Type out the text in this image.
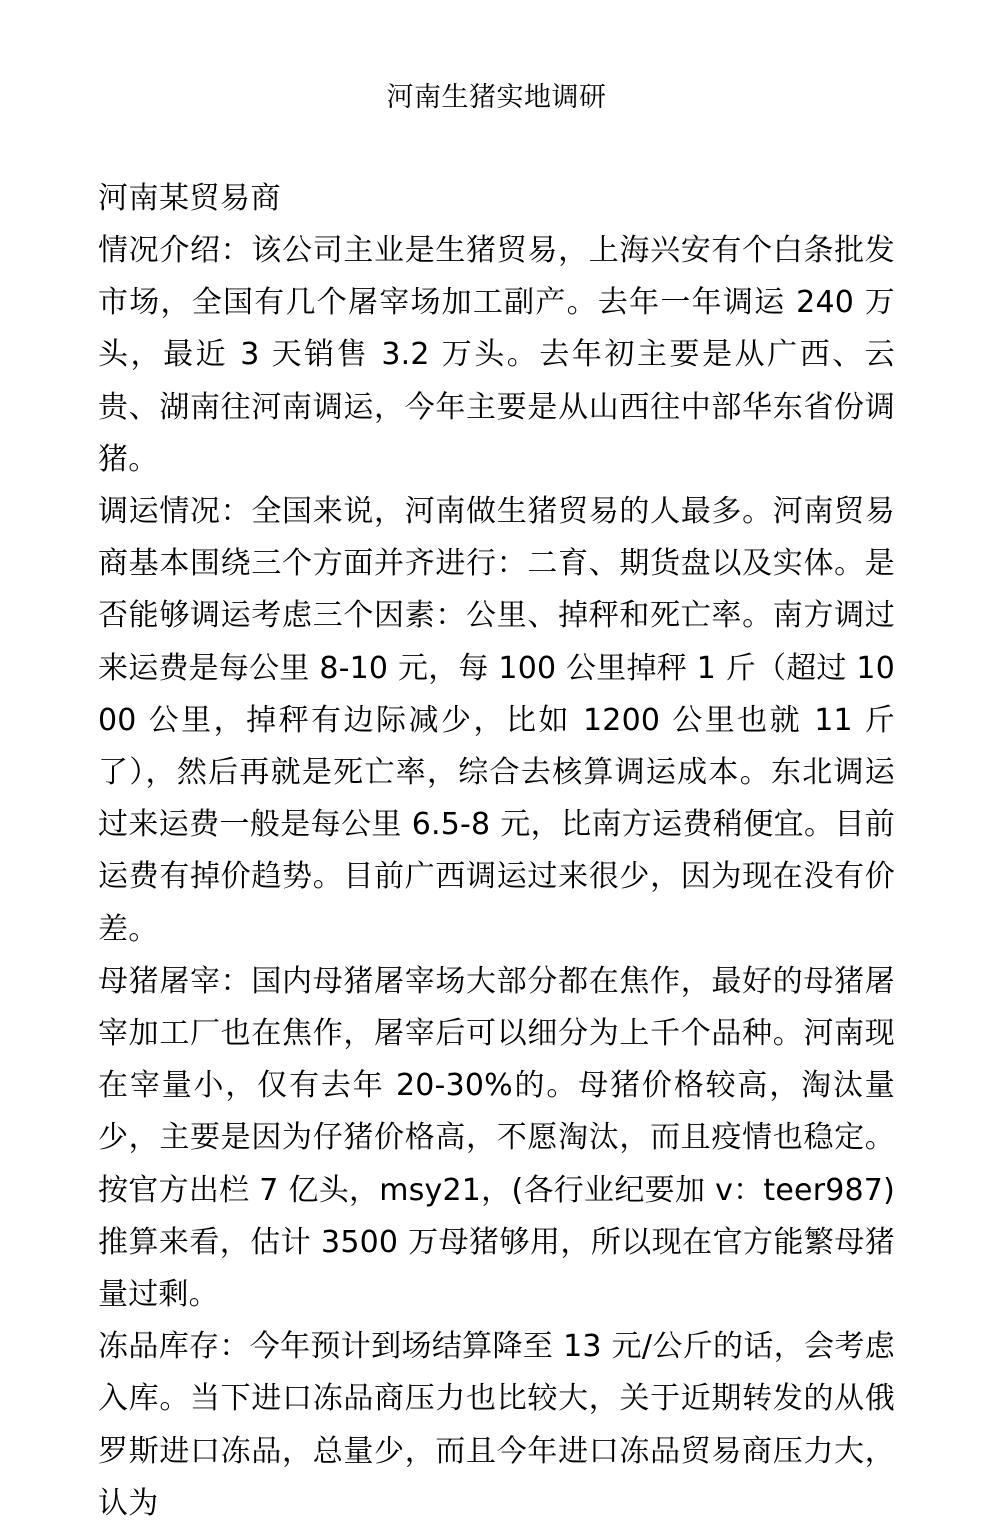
河南生猪实地调研

河南某贸易商

情况介绍：该公司主业是生猪贸易，上海兴安有个白条批发市场，全国有几个屠宰场加工副产。去年一年调运 240 万头，最近 3 天销售 3.2 万头。去年初主要是从广西、云贵、湖南往河南调运，今年主要是从山西往中部华东省份调猪。

调运情况：全国来说，河南做生猪贸易的人最多。河南贸易商基本围绕三个方面并齐进行：二育、期货盘以及实体。是否能够调运考虑三个因素：公里、掉秤和死亡率。南方调过来运费是每公里 8-10 元，每 100 公里掉秤 1 斤（超过 1000 公里，掉秤有边际减少，比如 1200 公里也就 11 斤了），然后再就是死亡率，综合去核算调运成本。东北调运过来运费一般是每公里 6.5-8 元，比南方运费稍便宜。目前运费有掉价趋势。目前广西调运过来很少，因为现在没有价差。

母猪屠宰：国内母猪屠宰场大部分都在焦作，最好的母猪屠宰加工厂也在焦作，屠宰后可以细分为上千个品种。河南现在宰量小，仅有去年 20-30%的。母猪价格较高，淘汰量少，主要是因为仔猪价格高，不愿淘汰，而且疫情也稳定。按官方出栏 7 亿头，msy21，(各行业纪要加 v：teer987)推算来看，估计 3500 万母猪够用，所以现在官方能繁母猪量过剩。

冻品库存：今年预计到场结算降至 13 元/公斤的话，会考虑入库。当下进口冻品商压力也比较大，关于近期转发的从俄罗斯进口冻品，总量少，而且今年进口冻品贸易商压力大，认为
